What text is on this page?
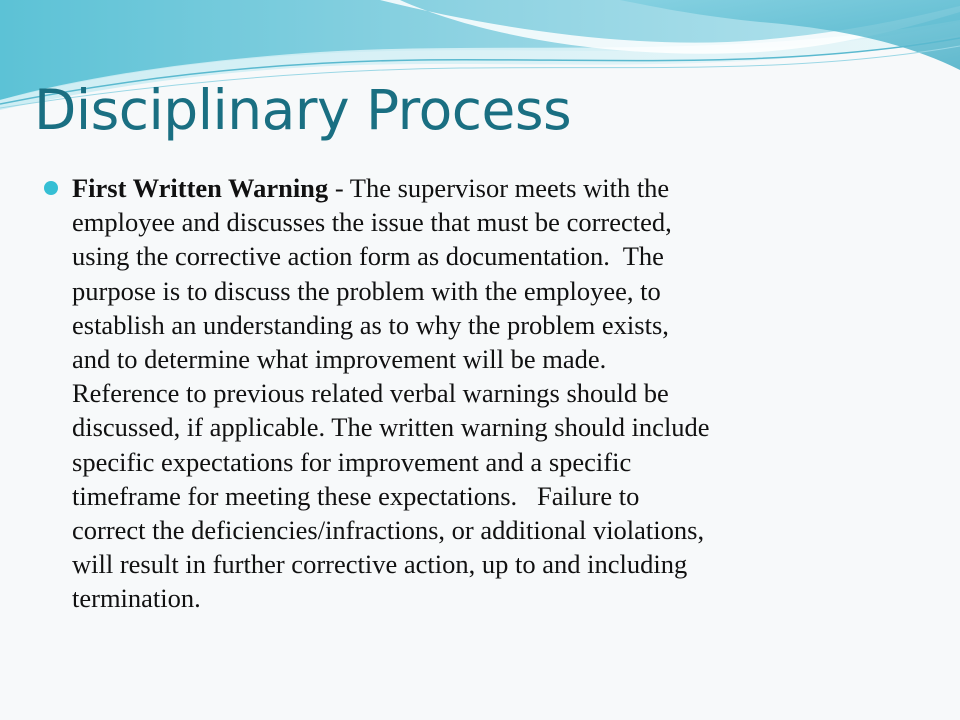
Disciplinary Process
First Written Warning - The supervisor meets with the
employee and discusses the issue that must be corrected,
using the corrective action form as documentation.  The
purpose is to discuss the problem with the employee, to
establish an understanding as to why the problem exists,
and to determine what improvement will be made.
Reference to previous related verbal warnings should be
discussed, if applicable. The written warning should include
specific expectations for improvement and a specific
timeframe for meeting these expectations.   Failure to
correct the deficiencies/infractions, or additional violations,
will result in further corrective action, up to and including
termination.
